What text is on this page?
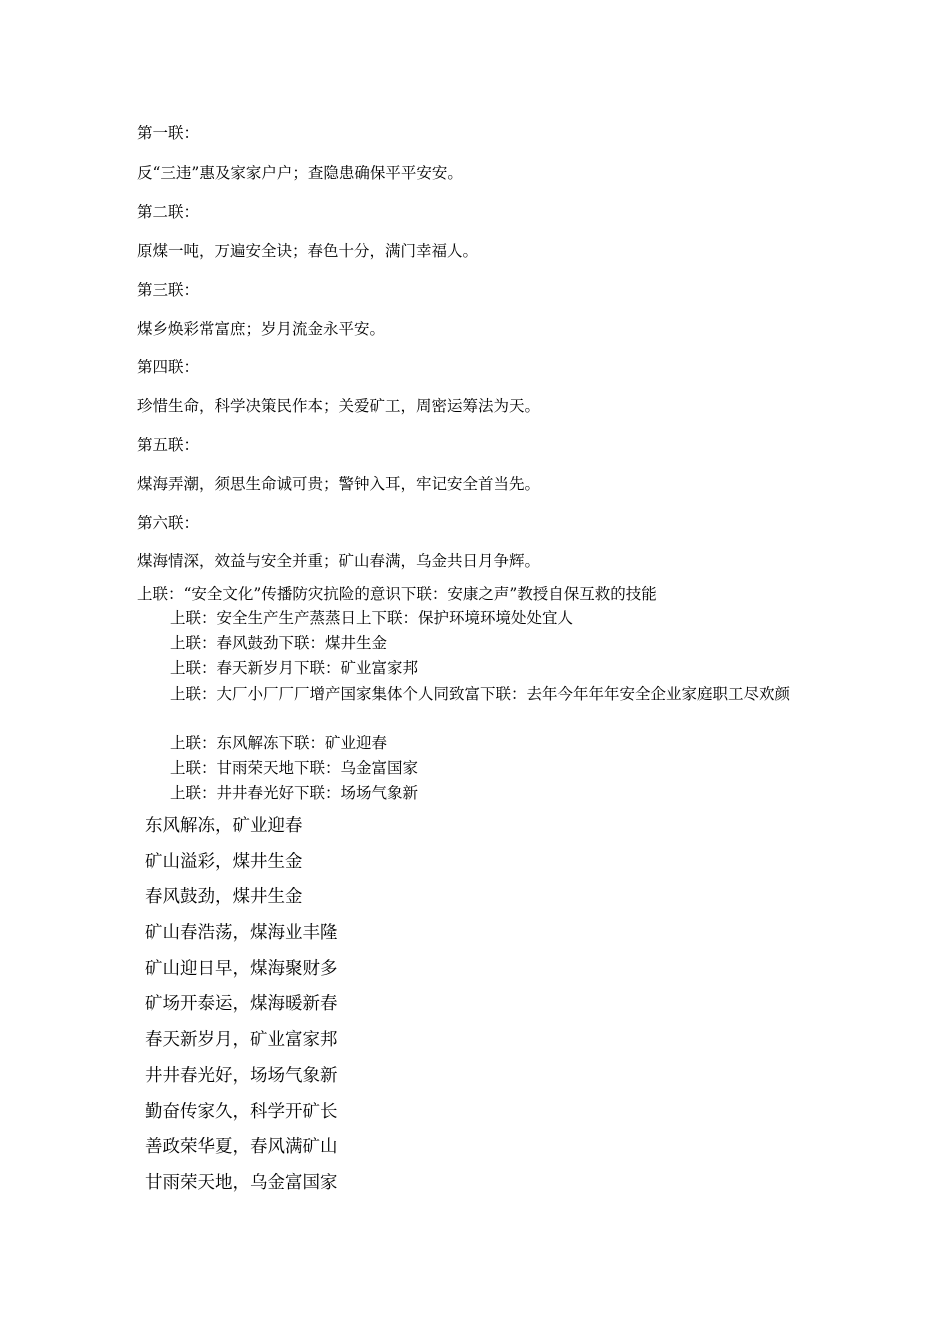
第一联：
反“三违”惠及家家户户；查隐患确保平平安安。
第二联：
原煤一吨，万遍安全诀；春色十分，满门幸福人。
第三联：
煤乡焕彩常富庶；岁月流金永平安。
第四联：
珍惜生命，科学决策民作本；关爱矿工，周密运筹法为天。
第五联：
煤海弄潮，须思生命诚可贵；警钟入耳，牢记安全首当先。
第六联：
煤海情深，效益与安全并重；矿山春满，乌金共日月争辉。
上联：“安全文化”传播防灾抗险的意识下联：安康之声”教授自保互救的技能
上联：安全生产生产蒸蒸日上下联：保护环境环境处处宜人
上联：春风鼓劲下联：煤井生金
上联：春天新岁月下联：矿业富家邦
上联：大厂小厂厂厂增产国家集体个人同致富下联：去年今年年年安全企业家庭职工尽欢颜
上联：东风解冻下联：矿业迎春
上联：甘雨荣天地下联：乌金富国家
上联：井井春光好下联：场场气象新
东风解冻，矿业迎春
矿山溢彩，煤井生金
春风鼓劲，煤井生金
矿山春浩荡，煤海业丰隆
矿山迎日早，煤海聚财多
矿场开泰运，煤海暖新春
春天新岁月，矿业富家邦
井井春光好，场场气象新
勤奋传家久，科学开矿长
善政荣华夏，春风满矿山
甘雨荣天地，乌金富国家
